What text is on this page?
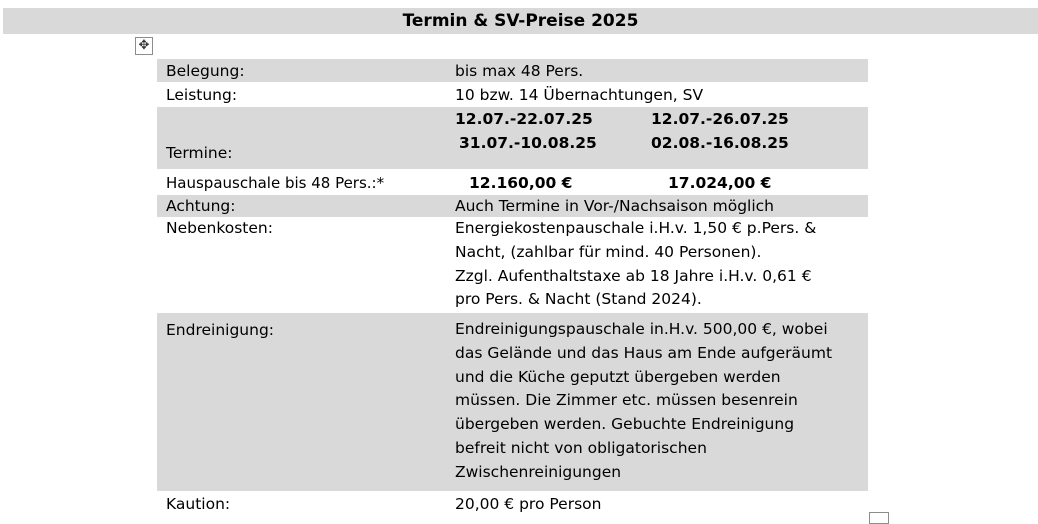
Termin & SV-Preise 2025
✥
Belegung:	bis max 48 Pers.
Leistung:	10 bzw. 14 Übernachtungen, SV
Termine:
12.07.-22.07.25	12.07.-26.07.25
31.07.-10.08.25	02.08.-16.08.25
Hauspauschale bis 48 Pers.:*	12.160,00 €	17.024,00 €
Achtung:	Auch Termine in Vor-/Nachsaison möglich
Nebenkosten:	Energiekostenpauschale i.H.v. 1,50 € p.Pers. &
Nacht, (zahlbar für mind. 40 Personen).
Zzgl. Aufenthaltstaxe ab 18 Jahre i.H.v. 0,61 €
pro Pers. & Nacht (Stand 2024).
Endreinigung:	Endreinigungspauschale in.H.v. 500,00 €, wobei
das Gelände und das Haus am Ende aufgeräumt
und die Küche geputzt übergeben werden
müssen. Die Zimmer etc. müssen besenrein
übergeben werden. Gebuchte Endreinigung
befreit nicht von obligatorischen
Zwischenreinigungen
Kaution:	20,00 € pro Person
